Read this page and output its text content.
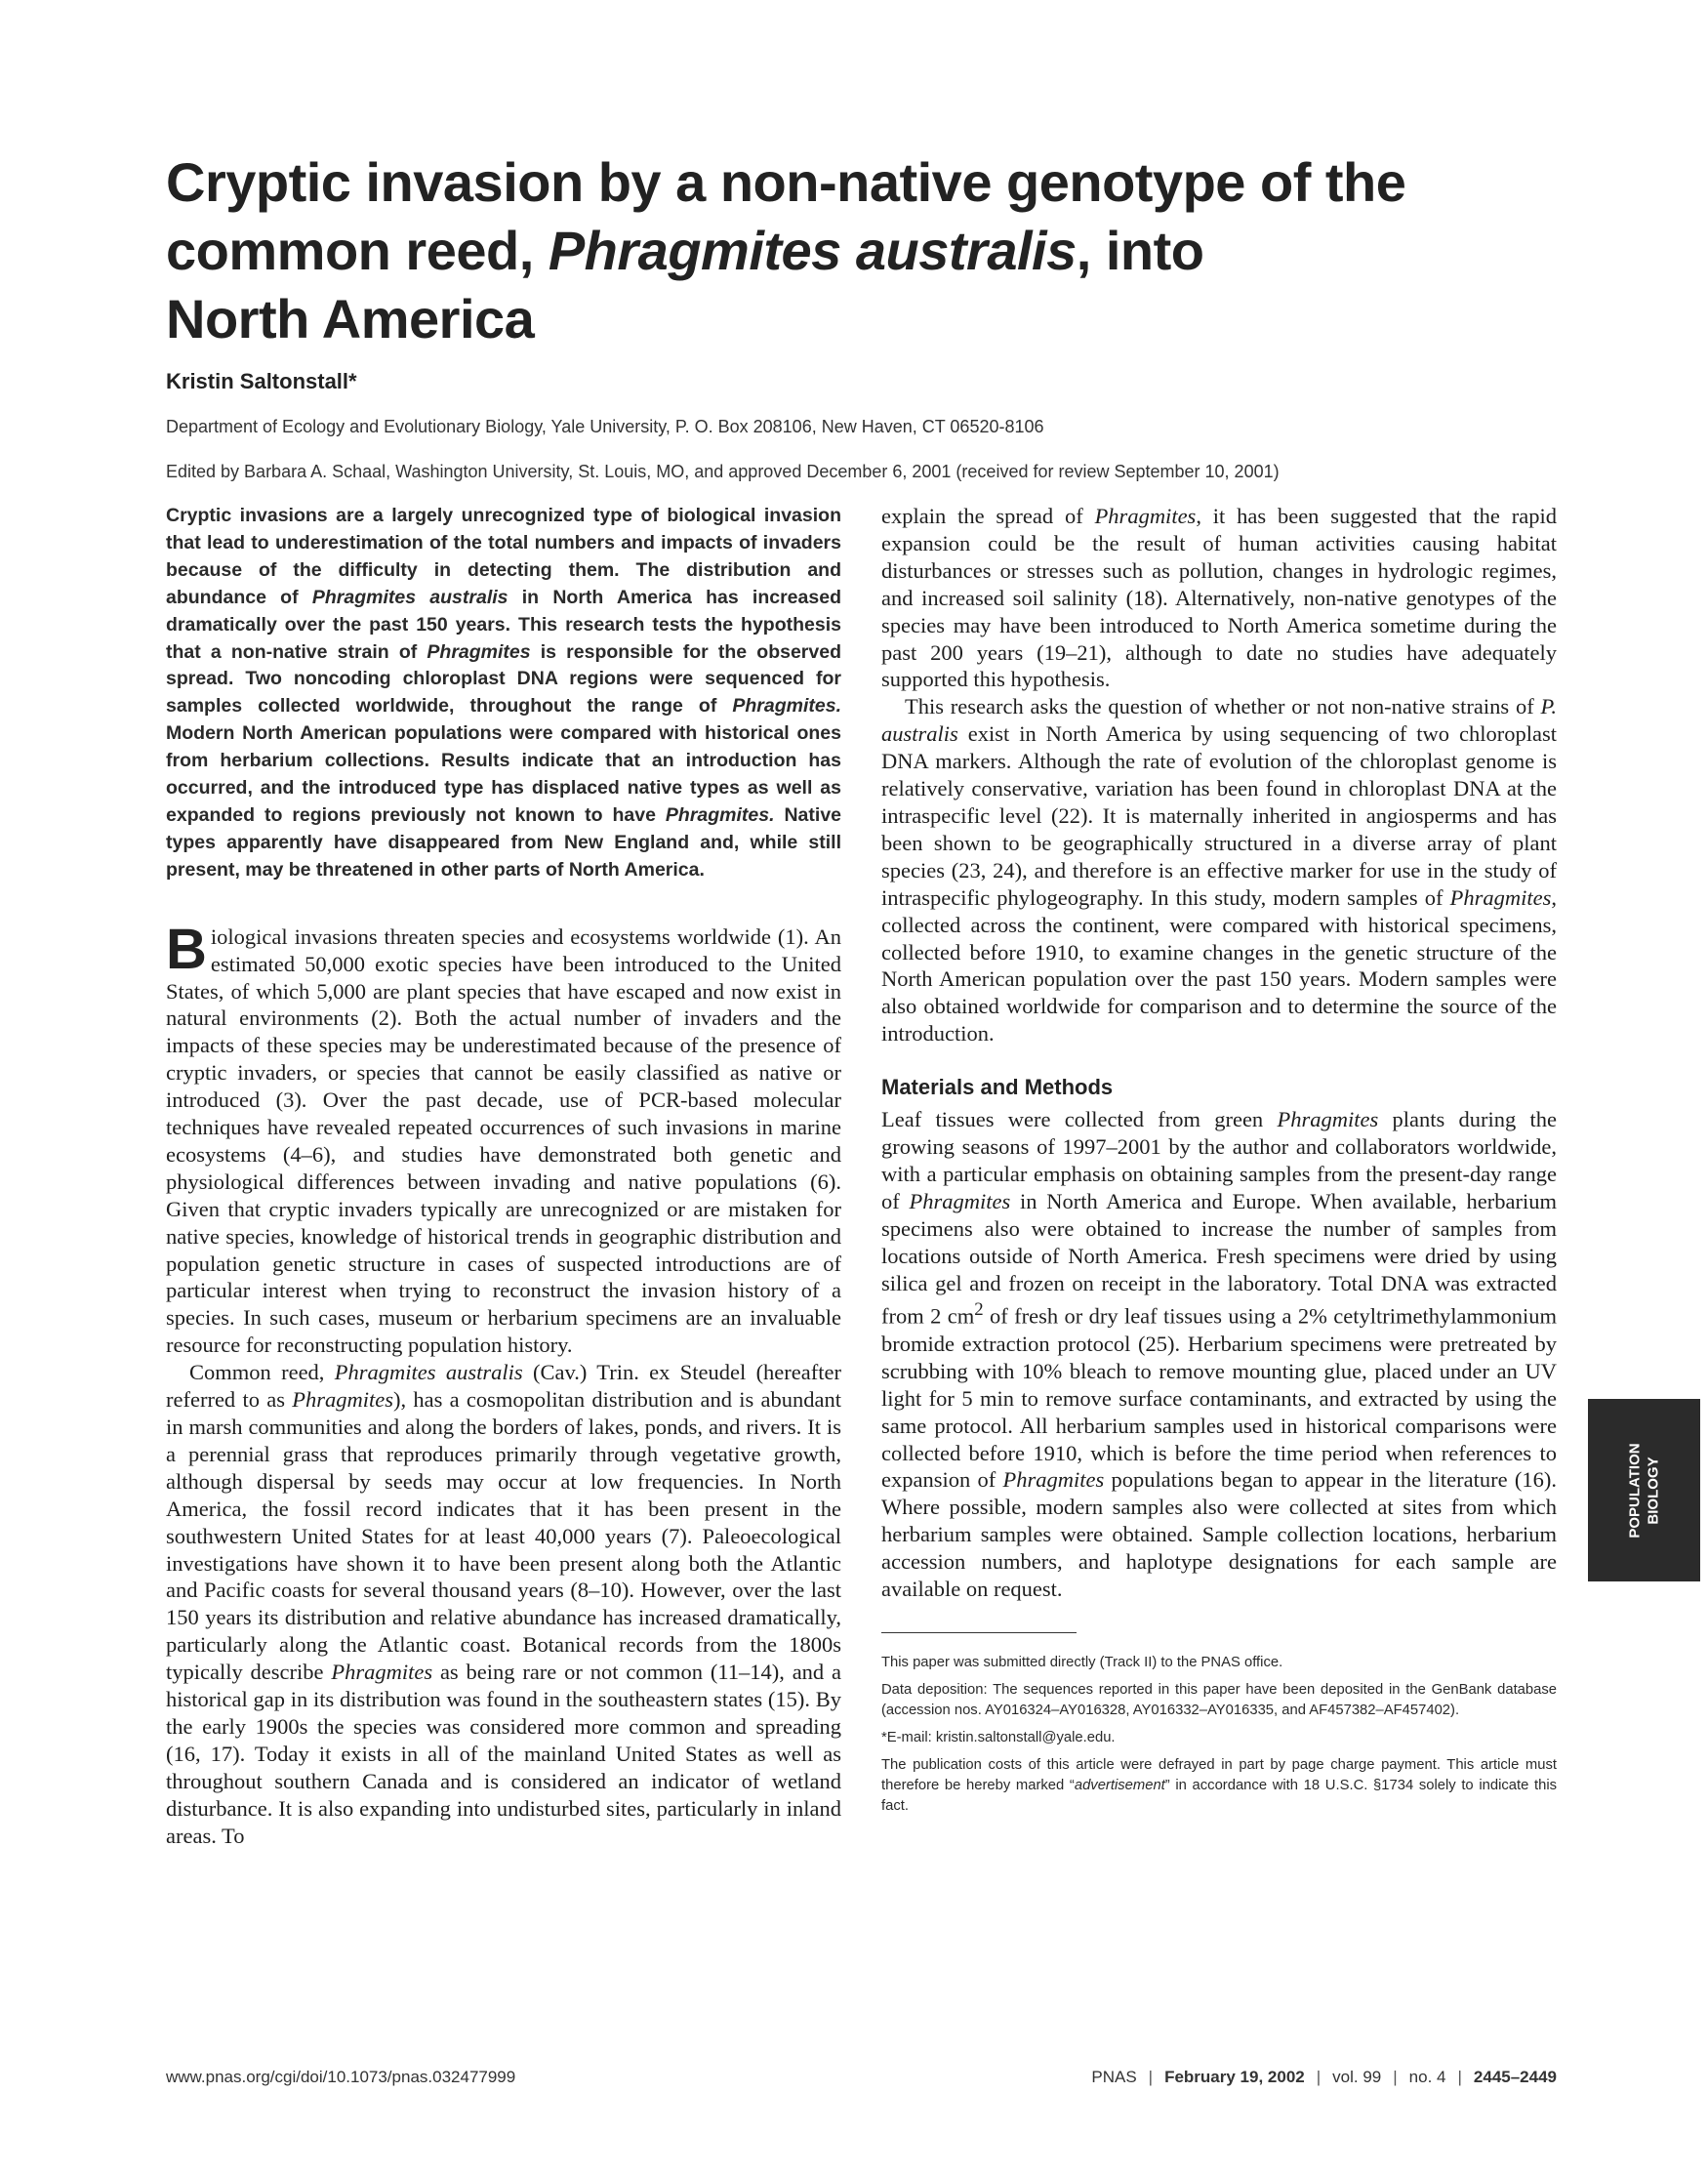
Cryptic invasion by a non-native genotype of the
common reed, Phragmites australis, into
North America
Kristin Saltonstall*
Department of Ecology and Evolutionary Biology, Yale University, P. O. Box 208106, New Haven, CT 06520-8106
Edited by Barbara A. Schaal, Washington University, St. Louis, MO, and approved December 6, 2001 (received for review September 10, 2001)

Cryptic invasions are a largely unrecognized type of biological invasion that lead to underestimation of the total numbers and impacts of invaders because of the difficulty in detecting them. The distribution and abundance of Phragmites australis in North America has increased dramatically over the past 150 years. This research tests the hypothesis that a non-native strain of Phragmites is responsible for the observed spread. Two noncoding chloroplast DNA regions were sequenced for samples collected worldwide, throughout the range of Phragmites. Modern North American populations were compared with historical ones from herbarium collections. Results indicate that an introduction has occurred, and the introduced type has displaced native types as well as expanded to regions previously not known to have Phragmites. Native types apparently have disappeared from New England and, while still present, may be threatened in other parts of North America.

Biological invasions threaten species and ecosystems worldwide (1). An estimated 50,000 exotic species have been introduced to the United States, of which 5,000 are plant species that have escaped and now exist in natural environments (2). Both the actual number of invaders and the impacts of these species may be underestimated because of the presence of cryptic invaders, or species that cannot be easily classified as native or introduced (3). Over the past decade, use of PCR-based molecular techniques have revealed repeated occurrences of such invasions in marine ecosystems (4–6), and studies have demonstrated both genetic and physiological differences between invading and native populations (6). Given that cryptic invaders typically are unrecognized or are mistaken for native species, knowledge of historical trends in geographic distribution and population genetic structure in cases of suspected introductions are of particular interest when trying to reconstruct the invasion history of a species. In such cases, museum or herbarium specimens are an invaluable resource for reconstructing population history.

Common reed, Phragmites australis (Cav.) Trin. ex Steudel (hereafter referred to as Phragmites), has a cosmopolitan distribution and is abundant in marsh communities and along the borders of lakes, ponds, and rivers. It is a perennial grass that reproduces primarily through vegetative growth, although dispersal by seeds may occur at low frequencies. In North America, the fossil record indicates that it has been present in the southwestern United States for at least 40,000 years (7). Paleoecological investigations have shown it to have been present along both the Atlantic and Pacific coasts for several thousand years (8–10). However, over the last 150 years its distribution and relative abundance has increased dramatically, particularly along the Atlantic coast. Botanical records from the 1800s typically describe Phragmites as being rare or not common (11–14), and a historical gap in its distribution was found in the southeastern states (15). By the early 1900s the species was considered more common and spreading (16, 17). Today it exists in all of the mainland United States as well as throughout southern Canada and is considered an indicator of wetland disturbance. It is also expanding into undisturbed sites, particularly in inland areas. To

explain the spread of Phragmites, it has been suggested that the rapid expansion could be the result of human activities causing habitat disturbances or stresses such as pollution, changes in hydrologic regimes, and increased soil salinity (18). Alternatively, non-native genotypes of the species may have been introduced to North America sometime during the past 200 years (19–21), although to date no studies have adequately supported this hypothesis.

This research asks the question of whether or not non-native strains of P. australis exist in North America by using sequencing of two chloroplast DNA markers. Although the rate of evolution of the chloroplast genome is relatively conservative, variation has been found in chloroplast DNA at the intraspecific level (22). It is maternally inherited in angiosperms and has been shown to be geographically structured in a diverse array of plant species (23, 24), and therefore is an effective marker for use in the study of intraspecific phylogeography. In this study, modern samples of Phragmites, collected across the continent, were compared with historical specimens, collected before 1910, to examine changes in the genetic structure of the North American population over the past 150 years. Modern samples were also obtained worldwide for comparison and to determine the source of the introduction.

Materials and Methods

Leaf tissues were collected from green Phragmites plants during the growing seasons of 1997–2001 by the author and collaborators worldwide, with a particular emphasis on obtaining samples from the present-day range of Phragmites in North America and Europe. When available, herbarium specimens also were obtained to increase the number of samples from locations outside of North America. Fresh specimens were dried by using silica gel and frozen on receipt in the laboratory. Total DNA was extracted from 2 $cm^2$ of fresh or dry leaf tissues using a 2% cetyltrimethylammonium bromide extraction protocol (25). Herbarium specimens were pretreated by scrubbing with 10% bleach to remove mounting glue, placed under an UV light for 5 min to remove surface contaminants, and extracted by using the same protocol. All herbarium samples used in historical comparisons were collected before 1910, which is before the time period when references to expansion of Phragmites populations began to appear in the literature (16). Where possible, modern samples also were collected at sites from which herbarium samples were obtained. Sample collection locations, herbarium accession numbers, and haplotype designations for each sample are available on request.

This paper was submitted directly (Track II) to the PNAS office.

Data deposition: The sequences reported in this paper have been deposited in the GenBank database (accession nos. AY016324–AY016328, AY016332–AY016335, and AF457382–AF457402).

*E-mail: kristin.saltonstall@yale.edu.

The publication costs of this article were defrayed in part by page charge payment. This article must therefore be hereby marked “advertisement” in accordance with 18 U.S.C. §1734 solely to indicate this fact.

POPULATION BIOLOGY
www.pnas.org/cgi/doi/10.1073/pnas.032477999	PNAS | February 19, 2002 | vol. 99 | no. 4 | 2445–2449
